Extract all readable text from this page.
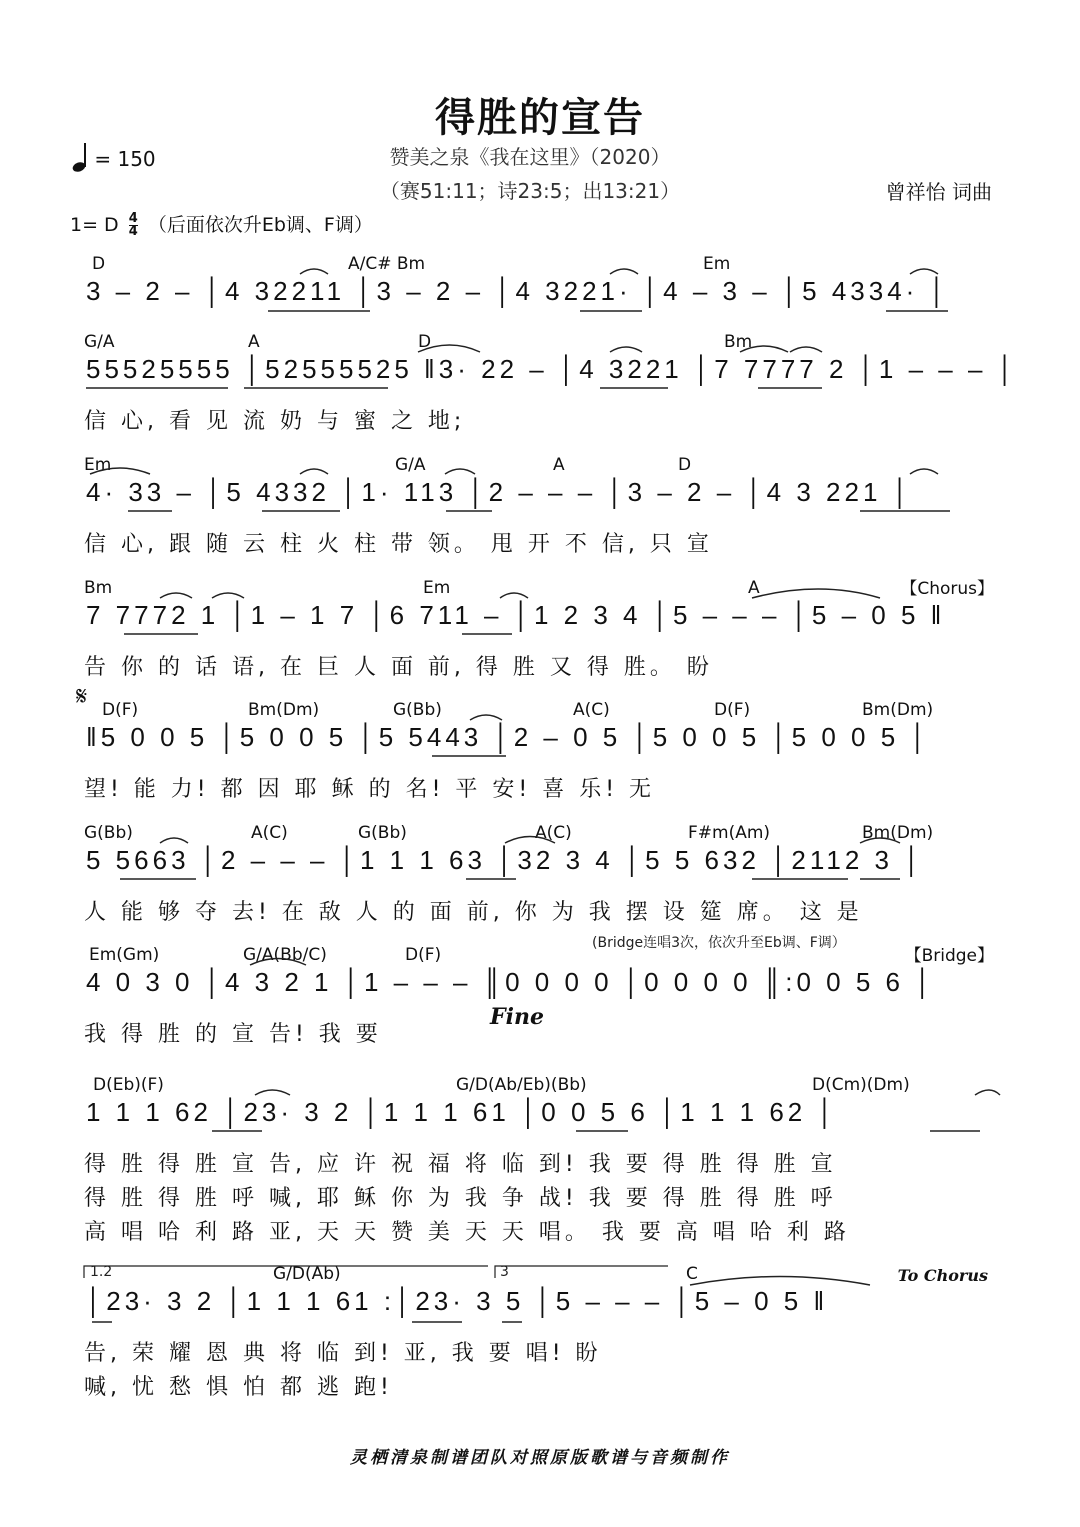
得胜的宣告
赞美之泉《我在这里》（2020）
（赛51:11；诗23:5；出13:21）
= 150
曾祥怡 词曲
1= D $\frac{4}{4}$ （后面依次升Eb调、F调）
D	A/C# Bm	Em
3 – 2 – │4 32211 │3 – 2 – │4 3221· │4 – 3 – │5 4334· │
G/A	A	D	Bm
55525555 │52555525 ‖3· 22 – │4 3221 │7 7777 2 │1 – – – │
信 心, 看 见 流 奶 与 蜜 之 地;
Em	G/A	A	D
4· 33 – │5 4332 │1· 113 │2 – – – │3 – 2 – │4 3 221 │
信 心, 跟 随 云 柱 火 柱 带 领。 甩 开 不 信, 只 宣
Bm	Em	A	【Chorus】
7 7772 1 │1 – 1 7 │6 711 – │1 2 3 4 │5 – – – │5 – 0 5 ‖
告 你 的 话 语, 在 巨 人 面 前, 得 胜 又 得 胜。 盼
D(F)	Bm(Dm)	G(Bb)	A(C)	D(F)	Bm(Dm)
‖5 0 0 5 │5 0 0 5 │5 5443 │2 – 0 5 │5 0 0 5 │5 0 0 5 │
望! 能 力! 都 因 耶 稣 的 名! 平 安! 喜 乐! 无
G(Bb)	A(C)	G(Bb)	A(C)	F#m(Am)	Bm(Dm)
5 5663 │2 – – – │1 1 1 63 │32 3 4 │5 5 632 │2112 3 │
人 能 够 夺 去! 在 敌 人 的 面 前, 你 为 我 摆 设 筵 席。 这 是
Em(Gm)	G/A(Bb/C)	D(F)	【Bridge】
(Bridge连唱3次，依次升至Eb调、F调）
4 0 3 0 │4 3 2 1 │1 – – – ║0 0 0 0 │0 0 0 0 ║:0 0 5 6 │
Fine
我 得 胜 的 宣 告! 我 要
D(Eb)(F)	G/D(Ab/Eb)(Bb)	D(Cm)(Dm)
1 1 1 62 │23· 3 2 │1 1 1 61 │0 0 5 6 │1 1 1 62 │
得 胜 得 胜 宣 告, 应 许 祝 福 将 临 到! 我 要 得 胜 得 胜 宣
得 胜 得 胜 呼 喊, 耶 稣 你 为 我 争 战! 我 要 得 胜 得 胜 呼
高 唱 哈 利 路 亚, 天 天 赞 美 天 天 唱。 我 要 高 唱 哈 利 路
G/D(Ab)	C
1.2	3	To Chorus
│23· 3 2 │1 1 1 61 :│23· 3 5 │5 – – – │5 – 0 5 ‖
告, 荣 耀 恩 典 将 临 到! 亚, 我 要 唱! 盼
喊, 忧 愁 惧 怕 都 逃 跑!
灵栖清泉制谱团队对照原版歌谱与音频制作
𝄋
